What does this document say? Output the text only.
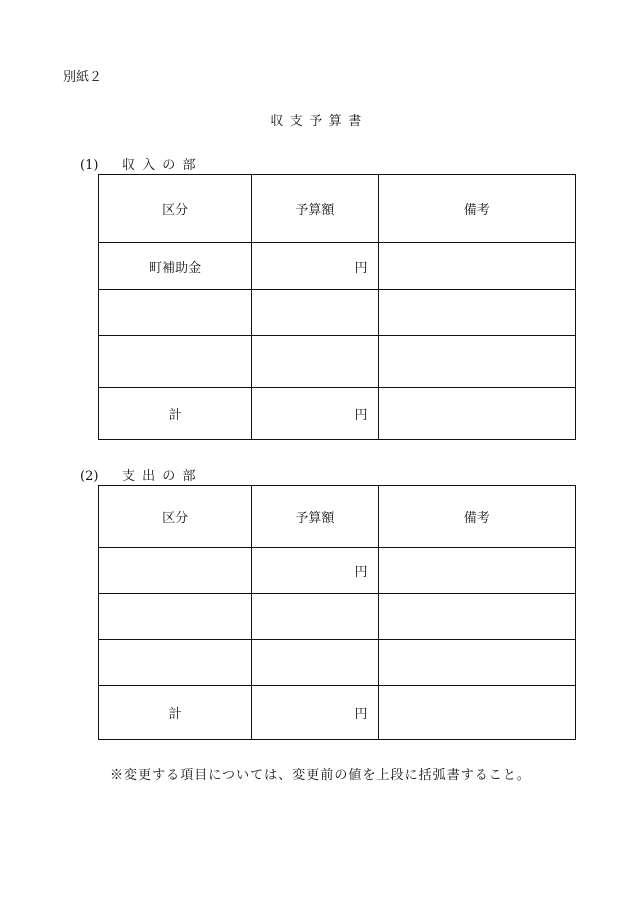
別紙２
収支予算書
(1) 収入の部
区分	予算額	備考
町補助金	円	

計	円	
(2) 支出の部
区分	予算額	備考
	円	

計	円	
※変更する項目については、変更前の値を上段に括弧書すること。
